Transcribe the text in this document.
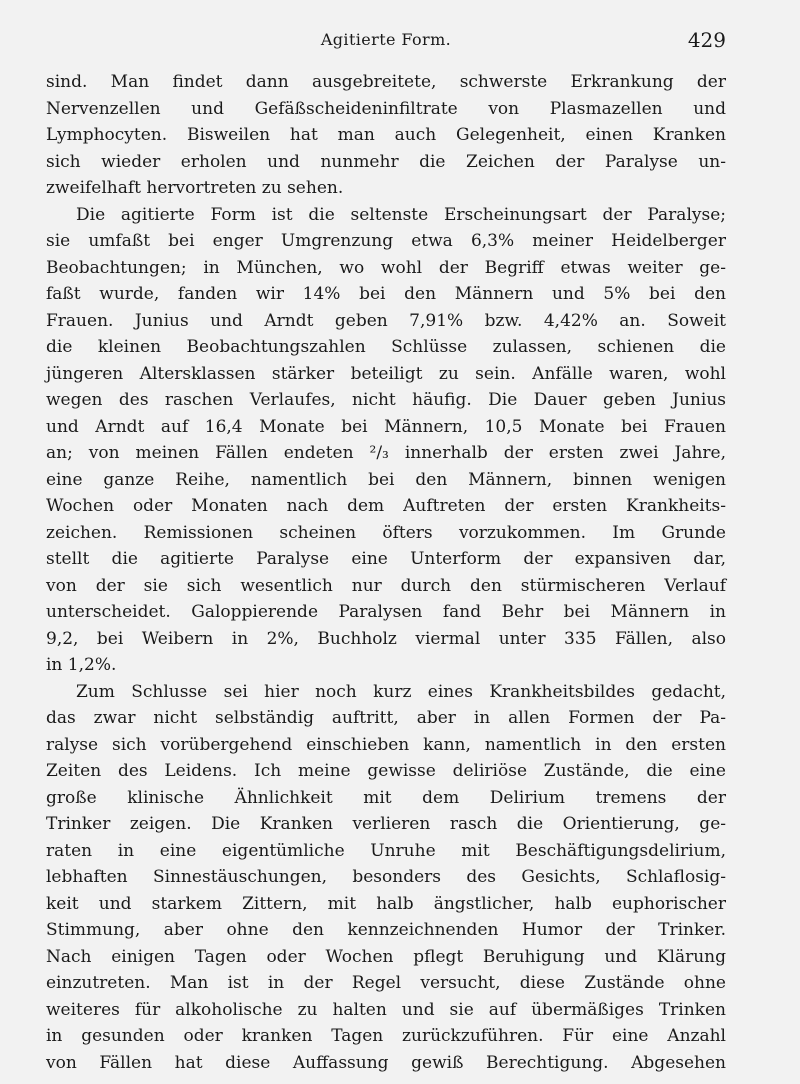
Agitierte Form.	429
sind. Man findet dann ausgebreitete, schwerste Erkrankung der
Nervenzellen und Gefäßscheideninfiltrate von Plasmazellen und
Lymphocyten. Bisweilen hat man auch Gelegenheit, einen Kranken
sich wieder erholen und nunmehr die Zeichen der Paralyse un-
zweifelhaft hervortreten zu sehen.
Die agitierte Form ist die seltenste Erscheinungsart der Paralyse;
sie umfaßt bei enger Umgrenzung etwa 6,3% meiner Heidelberger
Beobachtungen; in München, wo wohl der Begriff etwas weiter ge-
faßt wurde, fanden wir 14% bei den Männern und 5% bei den
Frauen. Junius und Arndt geben 7,91% bzw. 4,42% an. Soweit
die kleinen Beobachtungszahlen Schlüsse zulassen, schienen die
jüngeren Altersklassen stärker beteiligt zu sein. Anfälle waren, wohl
wegen des raschen Verlaufes, nicht häufig. Die Dauer geben Junius
und Arndt auf 16,4 Monate bei Männern, 10,5 Monate bei Frauen
an; von meinen Fällen endeten ²/₃ innerhalb der ersten zwei Jahre,
eine ganze Reihe, namentlich bei den Männern, binnen wenigen
Wochen oder Monaten nach dem Auftreten der ersten Krankheits-
zeichen. Remissionen scheinen öfters vorzukommen. Im Grunde
stellt die agitierte Paralyse eine Unterform der expansiven dar,
von der sie sich wesentlich nur durch den stürmischeren Verlauf
unterscheidet. Galoppierende Paralysen fand Behr bei Männern in
9,2, bei Weibern in 2%, Buchholz viermal unter 335 Fällen, also
in 1,2%.
Zum Schlusse sei hier noch kurz eines Krankheitsbildes gedacht,
das zwar nicht selbständig auftritt, aber in allen Formen der Pa-
ralyse sich vorübergehend einschieben kann, namentlich in den ersten
Zeiten des Leidens. Ich meine gewisse deliriöse Zustände, die eine
große klinische Ähnlichkeit mit dem Delirium tremens der
Trinker zeigen. Die Kranken verlieren rasch die Orientierung, ge-
raten in eine eigentümliche Unruhe mit Beschäftigungsdelirium,
lebhaften Sinnestäuschungen, besonders des Gesichts, Schlaflosig-
keit und starkem Zittern, mit halb ängstlicher, halb euphorischer
Stimmung, aber ohne den kennzeichnenden Humor der Trinker.
Nach einigen Tagen oder Wochen pflegt Beruhigung und Klärung
einzutreten. Man ist in der Regel versucht, diese Zustände ohne
weiteres für alkoholische zu halten und sie auf übermäßiges Trinken
in gesunden oder kranken Tagen zurückzuführen. Für eine Anzahl
von Fällen hat diese Auffassung gewiß Berechtigung. Abgesehen
